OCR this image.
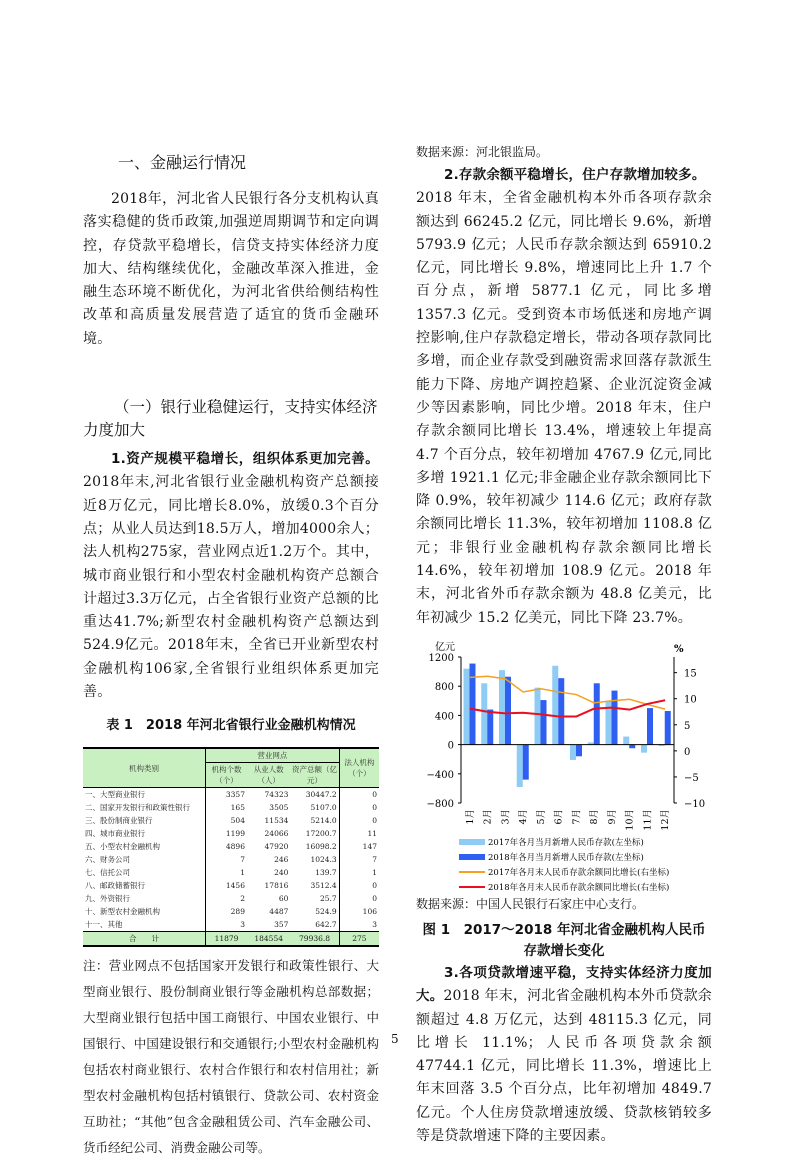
一、金融运行情况

2018年，河北省人民银行各分支机构认真落实稳健的货币政策,加强逆周期调节和定向调控，存贷款平稳增长，信贷支持实体经济力度加大、结构继续优化，金融改革深入推进，金融生态环境不断优化，为河北省供给侧结构性改革和高质量发展营造了适宜的货币金融环境。

（一）银行业稳健运行，支持实体经济力度加大

1.资产规模平稳增长，组织体系更加完善。2018年末,河北省银行业金融机构资产总额接近8万亿元，同比增长8.0%，放缓0.3个百分点；从业人员达到18.5万人，增加4000余人；法人机构275家，营业网点近1.2万个。其中，城市商业银行和小型农村金融机构资产总额合计超过3.3万亿元，占全省银行业资产总额的比重达41.7%;新型农村金融机构资产总额达到524.9亿元。2018年末，全省已开业新型农村金融机构106家,全省银行业组织体系更加完善。

表 1　2018 年河北省银行业金融机构情况
机构类别	营业网点			法人机构（个）
	机构个数（个）	从业人数（人）	资产总额（亿元）	
一、大型商业银行	3357	74323	30447.2	0
二、国家开发银行和政策性银行	165	3505	5107.0	0
三、股份制商业银行	504	11534	5214.0	0
四、城市商业银行	1199	24066	17200.7	11
五、小型农村金融机构	4896	47920	16098.2	147
六、财务公司	7	246	1024.3	7
七、信托公司	1	240	139.7	1
八、邮政储蓄银行	1456	17816	3512.4	0
九、外资银行	2	60	25.7	0
十、新型农村金融机构	289	4487	524.9	106
十一、其他	3	357	642.7	3
合　　计	11879	184554	79936.8	275

注：营业网点不包括国家开发银行和政策性银行、大型商业银行、股份制商业银行等金融机构总部数据；大型商业银行包括中国工商银行、中国农业银行、中国银行、中国建设银行和交通银行;小型农村金融机构包括农村商业银行、农村合作银行和农村信用社；新型农村金融机构包括村镇银行、贷款公司、农村资金互助社；“其他”包含金融租赁公司、汽车金融公司、货币经纪公司、消费金融公司等。

数据来源：河北银监局。

2.存款余额平稳增长，住户存款增加较多。

2018 年末，全省金融机构本外币各项存款余额达到 66245.2 亿元，同比增长 9.6%，新增 5793.9 亿元；人民币存款余额达到 65910.2 亿元，同比增长 9.8%，增速同比上升 1.7 个百分点，新增 5877.1 亿元，同比多增 1357.3 亿元。受到资本市场低迷和房地产调控影响,住户存款稳定增长，带动各项存款同比多增，而企业存款受到融资需求回落存款派生能力下降、房地产调控趋紧、企业沉淀资金减少等因素影响，同比少增。2018 年末，住户存款余额同比增长 13.4%，增速较上年提高 4.7 个百分点，较年初增加 4767.9 亿元,同比多增 1921.1 亿元;非金融企业存款余额同比下降 0.9%，较年初减少 114.6 亿元；政府存款余额同比增长 11.3%，较年初增加 1108.8 亿元；非银行业金融机构存款余额同比增长 14.6%，较年初增加 108.9 亿元。2018 年末，河北省外币存款余额为 48.8 亿美元，比年初减少 15.2 亿美元，同比下降 23.7%。

1200
800
400
0
−400
−800
15
10
5
0
−5
−10
亿元	%
1月 2月 3月 4月 5月 6月 7月 8月 9月 10月 11月 12月
2017年各月当月新增人民币存款(左坐标)
2018年各月当月新增人民币存款(左坐标)
2017年各月末人民币存款余额同比增长(右坐标)
2018年各月末人民币存款余额同比增长(右坐标)
数据来源：中国人民银行石家庄中心支行。
图 1　2017～2018 年河北省金融机构人民币存款增长变化

3.各项贷款增速平稳，支持实体经济力度加大。2018 年末，河北省金融机构本外币贷款余额超过 4.8 万亿元，达到 48115.3 亿元，同比增长 11.1%；人民币各项贷款余额 47744.1 亿元，同比增长 11.3%，增速比上年末回落 3.5 个百分点，比年初增加 4849.7 亿元。个人住房贷款增速放缓、贷款核销较多等是贷款增速下降的主要因素。

5
